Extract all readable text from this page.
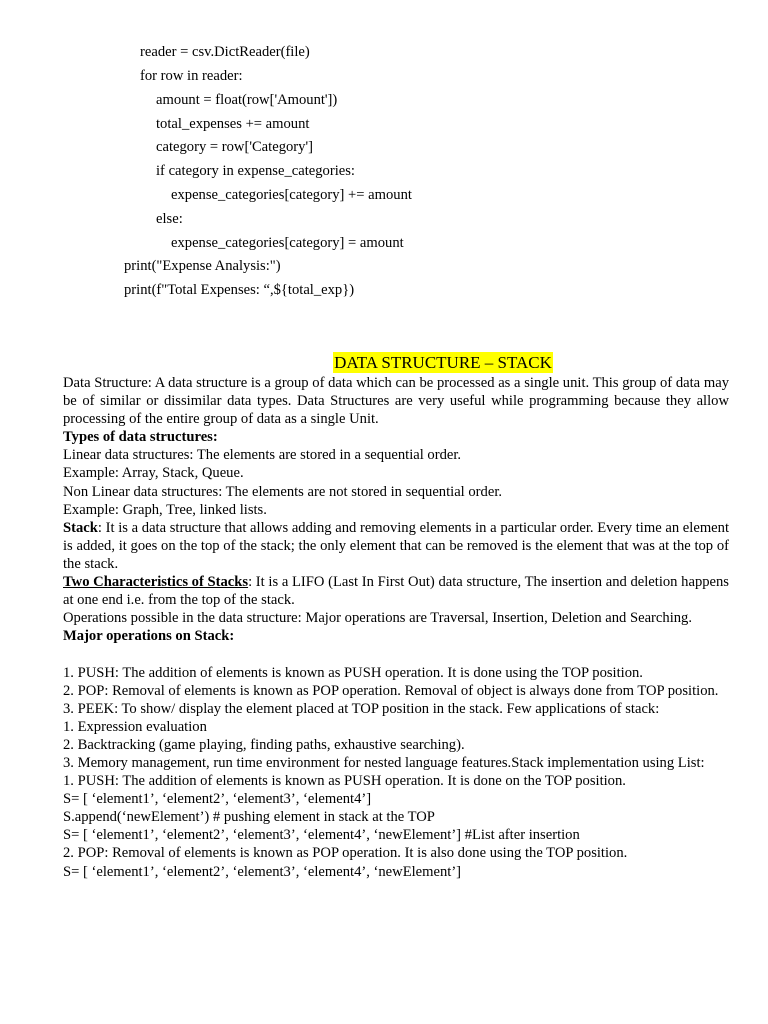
reader = csv.DictReader(file)
for row in reader:
amount = float(row['Amount'])
total_expenses += amount
category = row['Category']
if category in expense_categories:
expense_categories[category] += amount
else:
expense_categories[category] = amount
print("Expense Analysis:")
print(f"Total Expenses: “,${total_exp})
DATA STRUCTURE – STACK

Data Structure: A data structure is a group of data which can be processed as a single unit. This group of data may be of similar or dissimilar data types. Data Structures are very useful while programming because they allow processing of the entire group of data as a single Unit.

Types of data structures:

Linear data structures: The elements are stored in a sequential order.

Example: Array, Stack, Queue.

Non Linear data structures: The elements are not stored in sequential order.

Example: Graph, Tree, linked lists.

Stack: It is a data structure that allows adding and removing elements in a particular order. Every time an element is added, it goes on the top of the stack; the only element that can be removed is the element that was at the top of the stack.

Two Characteristics of Stacks: It is a LIFO (Last In First Out) data structure, The insertion and deletion happens at one end i.e. from the top of the stack.

Operations possible in the data structure: Major operations are Traversal, Insertion, Deletion and Searching.

Major operations on Stack:

1. PUSH: The addition of elements is known as PUSH operation. It is done using the TOP position.

2. POP: Removal of elements is known as POP operation. Removal of object is always done from TOP position.

3. PEEK: To show/ display the element placed at TOP position in the stack. Few applications of stack:

1. Expression evaluation

2. Backtracking (game playing, finding paths, exhaustive searching).

3. Memory management, run time environment for nested language features.Stack implementation using List:

1. PUSH: The addition of elements is known as PUSH operation. It is done on the TOP position.

S= [ ‘element1’, ‘element2’, ‘element3’, ‘element4’]

S.append(‘newElement’) # pushing element in stack at the TOP

S= [ ‘element1’, ‘element2’, ‘element3’, ‘element4’, ‘newElement’] #List after insertion

2. POP: Removal of elements is known as POP operation. It is also done using the TOP position.

S= [ ‘element1’, ‘element2’, ‘element3’, ‘element4’, ‘newElement’]
